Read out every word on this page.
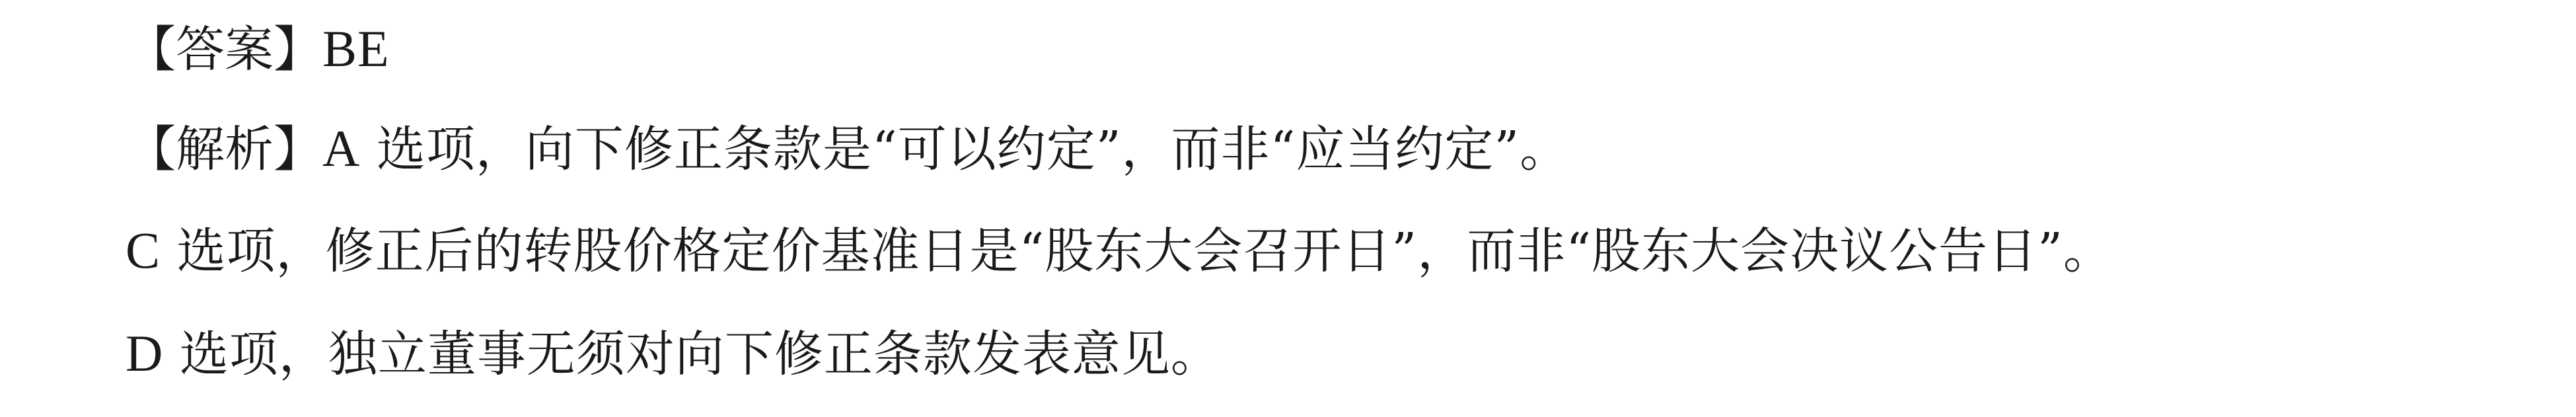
【答案】BE
【解析】A 选项，向下修正条款是“可以约定”，而非“应当约定”。
C 选项，修正后的转股价格定价基准日是“股东大会召开日”，而非“股东大会决议公告日”。
D 选项，独立董事无须对向下修正条款发表意见。
